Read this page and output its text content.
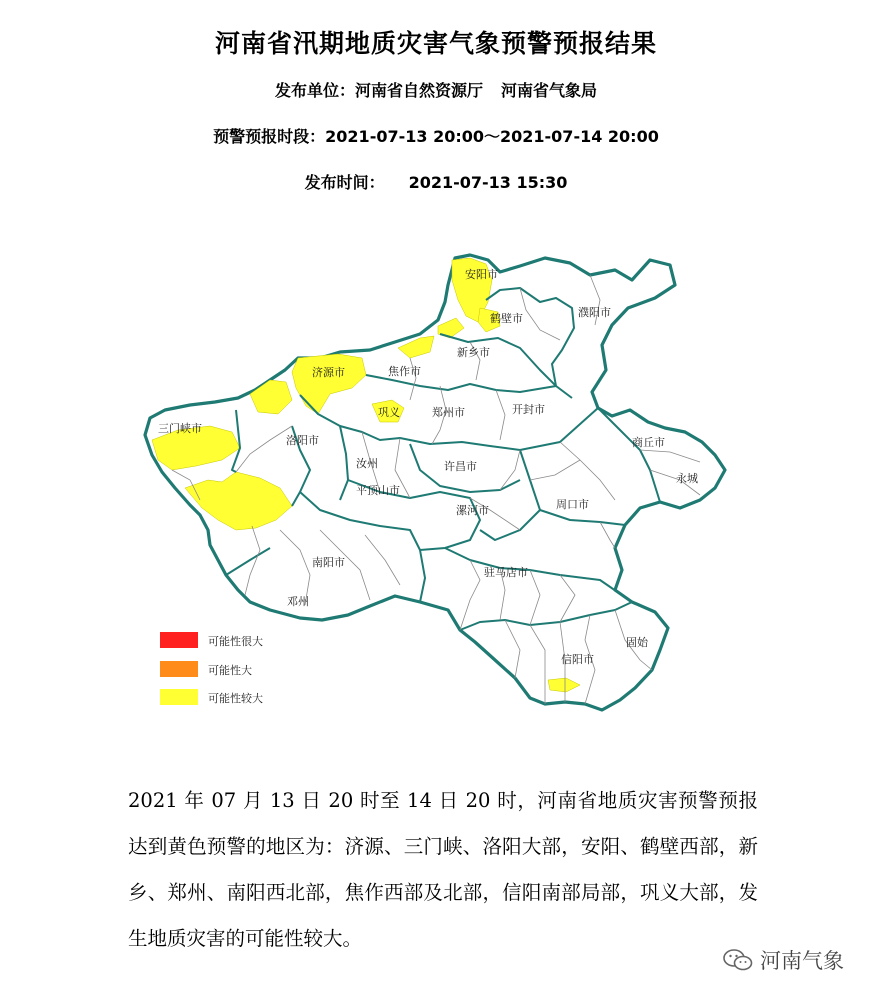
河南省汛期地质灾害气象预警预报结果
发布单位：河南省自然资源厅 河南省气象局
预警预报时段：2021-07-13 20:00～2021-07-14 20:00
发布时间： 2021-07-13 15:30
安阳市
鹤壁市	濮阳市
新乡市
济源市	焦作市
巩义	郑州市	开封市
三门峡市
洛阳市	商丘市
永城
汝州	许昌市
平顶山市
周口市
漯河市
南阳市
邓州
驻马店市
信阳市
固始
可能性很大
可能性大
可能性较大
2021 年 07 月 13 日 20 时至 14 日 20 时，河南省地质灾害预警预报达到黄色预警的地区为：济源、三门峡、洛阳大部，安阳、鹤壁西部，新乡、郑州、南阳西北部，焦作西部及北部，信阳南部局部，巩义大部，发生地质灾害的可能性较大。
河南气象
